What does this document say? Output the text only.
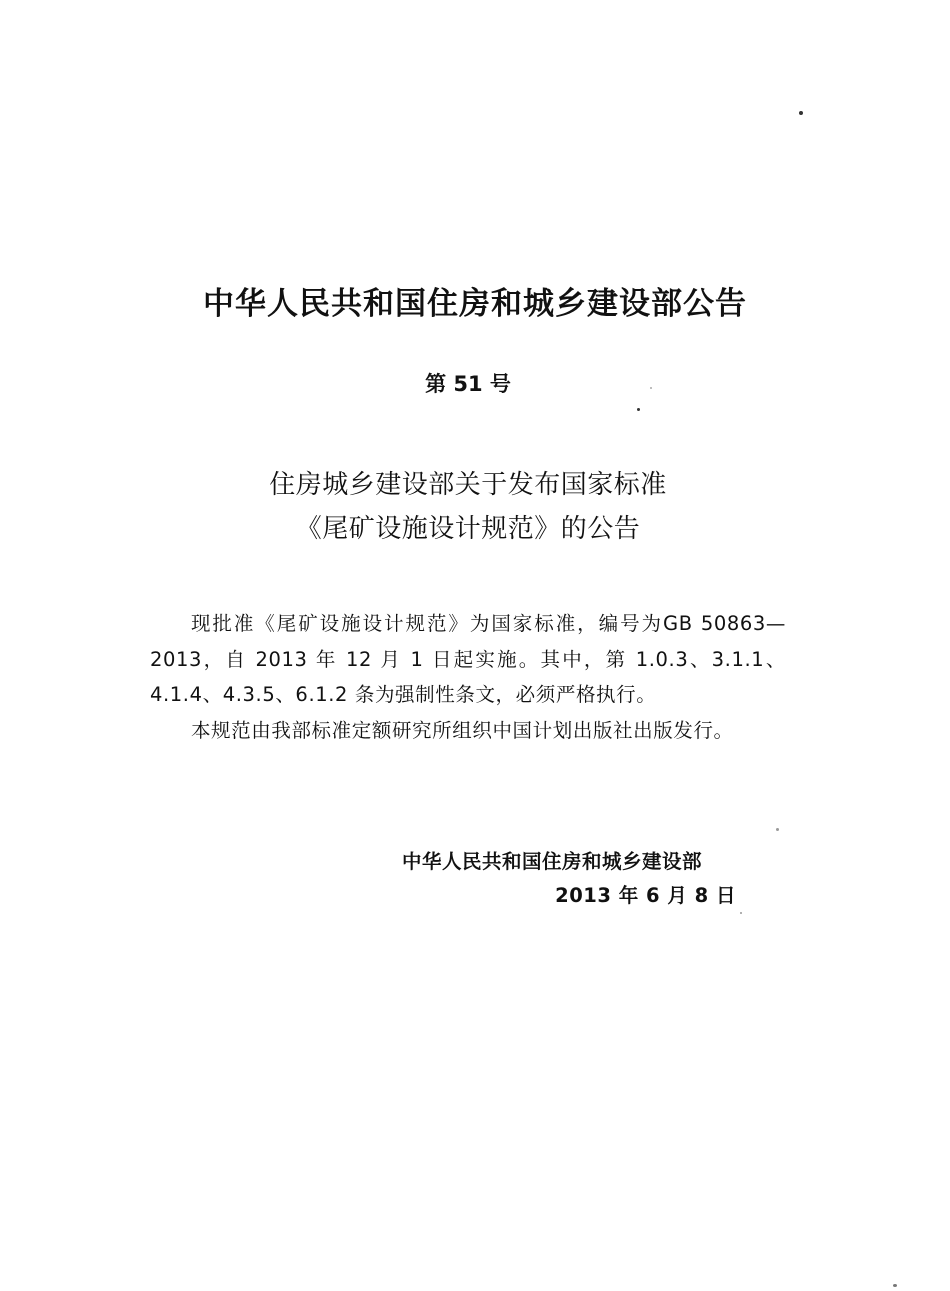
中华人民共和国住房和城乡建设部公告
第 51 号
住房城乡建设部关于发布国家标准
《尾矿设施设计规范》的公告

现批准《尾矿设施设计规范》为国家标准，编号为GB 50863—2013，自 2013 年 12 月 1 日起实施。其中，第 1.0.3、3.1.1、4.1.4、4.3.5、6.1.2 条为强制性条文，必须严格执行。

本规范由我部标准定额研究所组织中国计划出版社出版发行。

中华人民共和国住房和城乡建设部
2013 年 6 月 8 日
